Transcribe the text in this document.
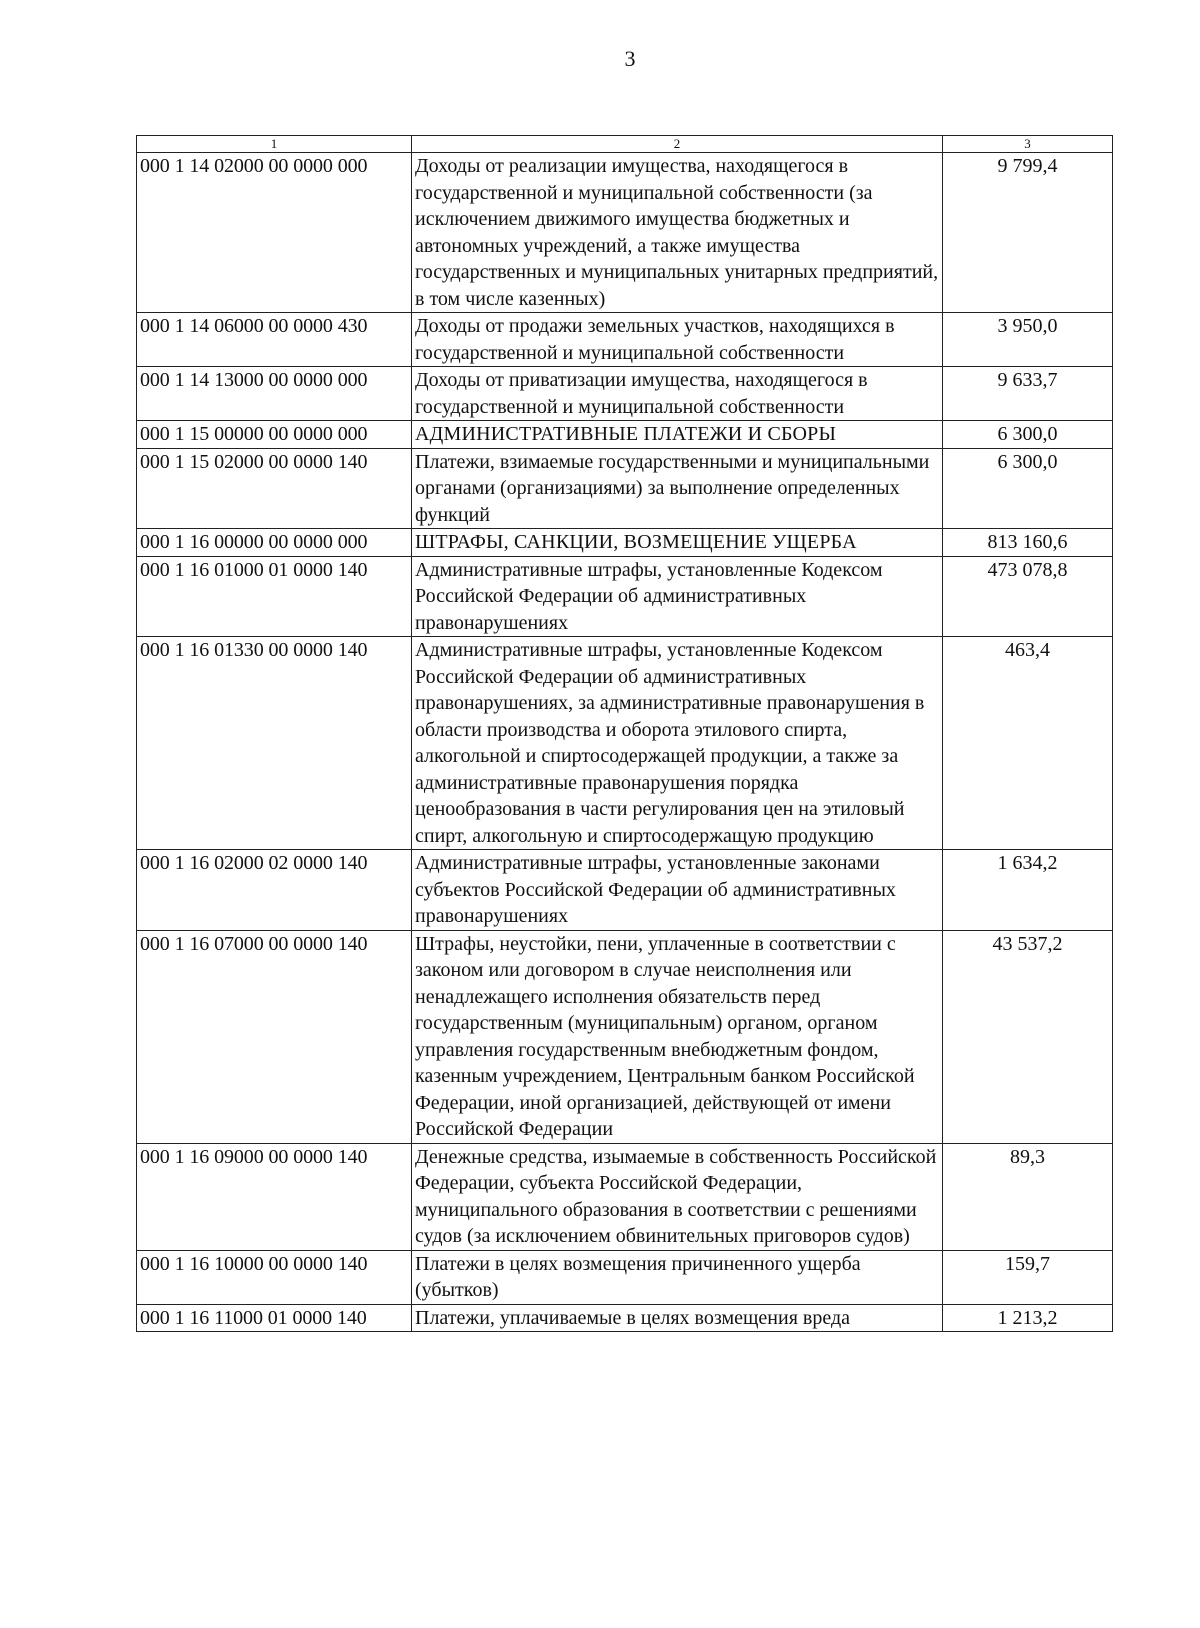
3
1	2	3
000 1 14 02000 00 0000 000	Доходы от реализации имущества, находящегося в государственной и муниципальной собственности (за исключением движимого имущества бюджетных и автономных учреждений, а также имущества государственных и муниципальных унитарных предприятий, в том числе казенных)	9 799,4
000 1 14 06000 00 0000 430	Доходы от продажи земельных участков, находящихся в государственной и муниципальной собственности	3 950,0
000 1 14 13000 00 0000 000	Доходы от приватизации имущества, находящегося в государственной и муниципальной собственности	9 633,7
000 1 15 00000 00 0000 000	АДМИНИСТРАТИВНЫЕ ПЛАТЕЖИ И СБОРЫ	6 300,0
000 1 15 02000 00 0000 140	Платежи, взимаемые государственными и муниципальными органами (организациями) за выполнение определенных функций	6 300,0
000 1 16 00000 00 0000 000	ШТРАФЫ, САНКЦИИ, ВОЗМЕЩЕНИЕ УЩЕРБА	813 160,6
000 1 16 01000 01 0000 140	Административные штрафы, установленные Кодексом Российской Федерации об административных правонарушениях	473 078,8
000 1 16 01330 00 0000 140	Административные штрафы, установленные Кодексом Российской Федерации об административных правонарушениях, за административные правонарушения в области производства и оборота этилового спирта, алкогольной и спиртосодержащей продукции, а также за административные правонарушения порядка ценообразования в части регулирования цен на этиловый спирт, алкогольную и спиртосодержащую продукцию	463,4
000 1 16 02000 02 0000 140	Административные штрафы, установленные законами субъектов Российской Федерации об административных правонарушениях	1 634,2
000 1 16 07000 00 0000 140	Штрафы, неустойки, пени, уплаченные в соответствии с законом или договором в случае неисполнения или ненадлежащего исполнения обязательств перед государственным (муниципальным) органом, органом управления государственным внебюджетным фондом, казенным учреждением, Центральным банком Российской Федерации, иной организацией, действующей от имени Российской Федерации	43 537,2
000 1 16 09000 00 0000 140	Денежные средства, изымаемые в собственность Российской Федерации, субъекта Российской Федерации, муниципального образования в соответствии с решениями судов (за исключением обвинительных приговоров судов)	89,3
000 1 16 10000 00 0000 140	Платежи в целях возмещения причиненного ущерба (убытков)	159,7
000 1 16 11000 01 0000 140	Платежи, уплачиваемые в целях возмещения вреда	1 213,2
